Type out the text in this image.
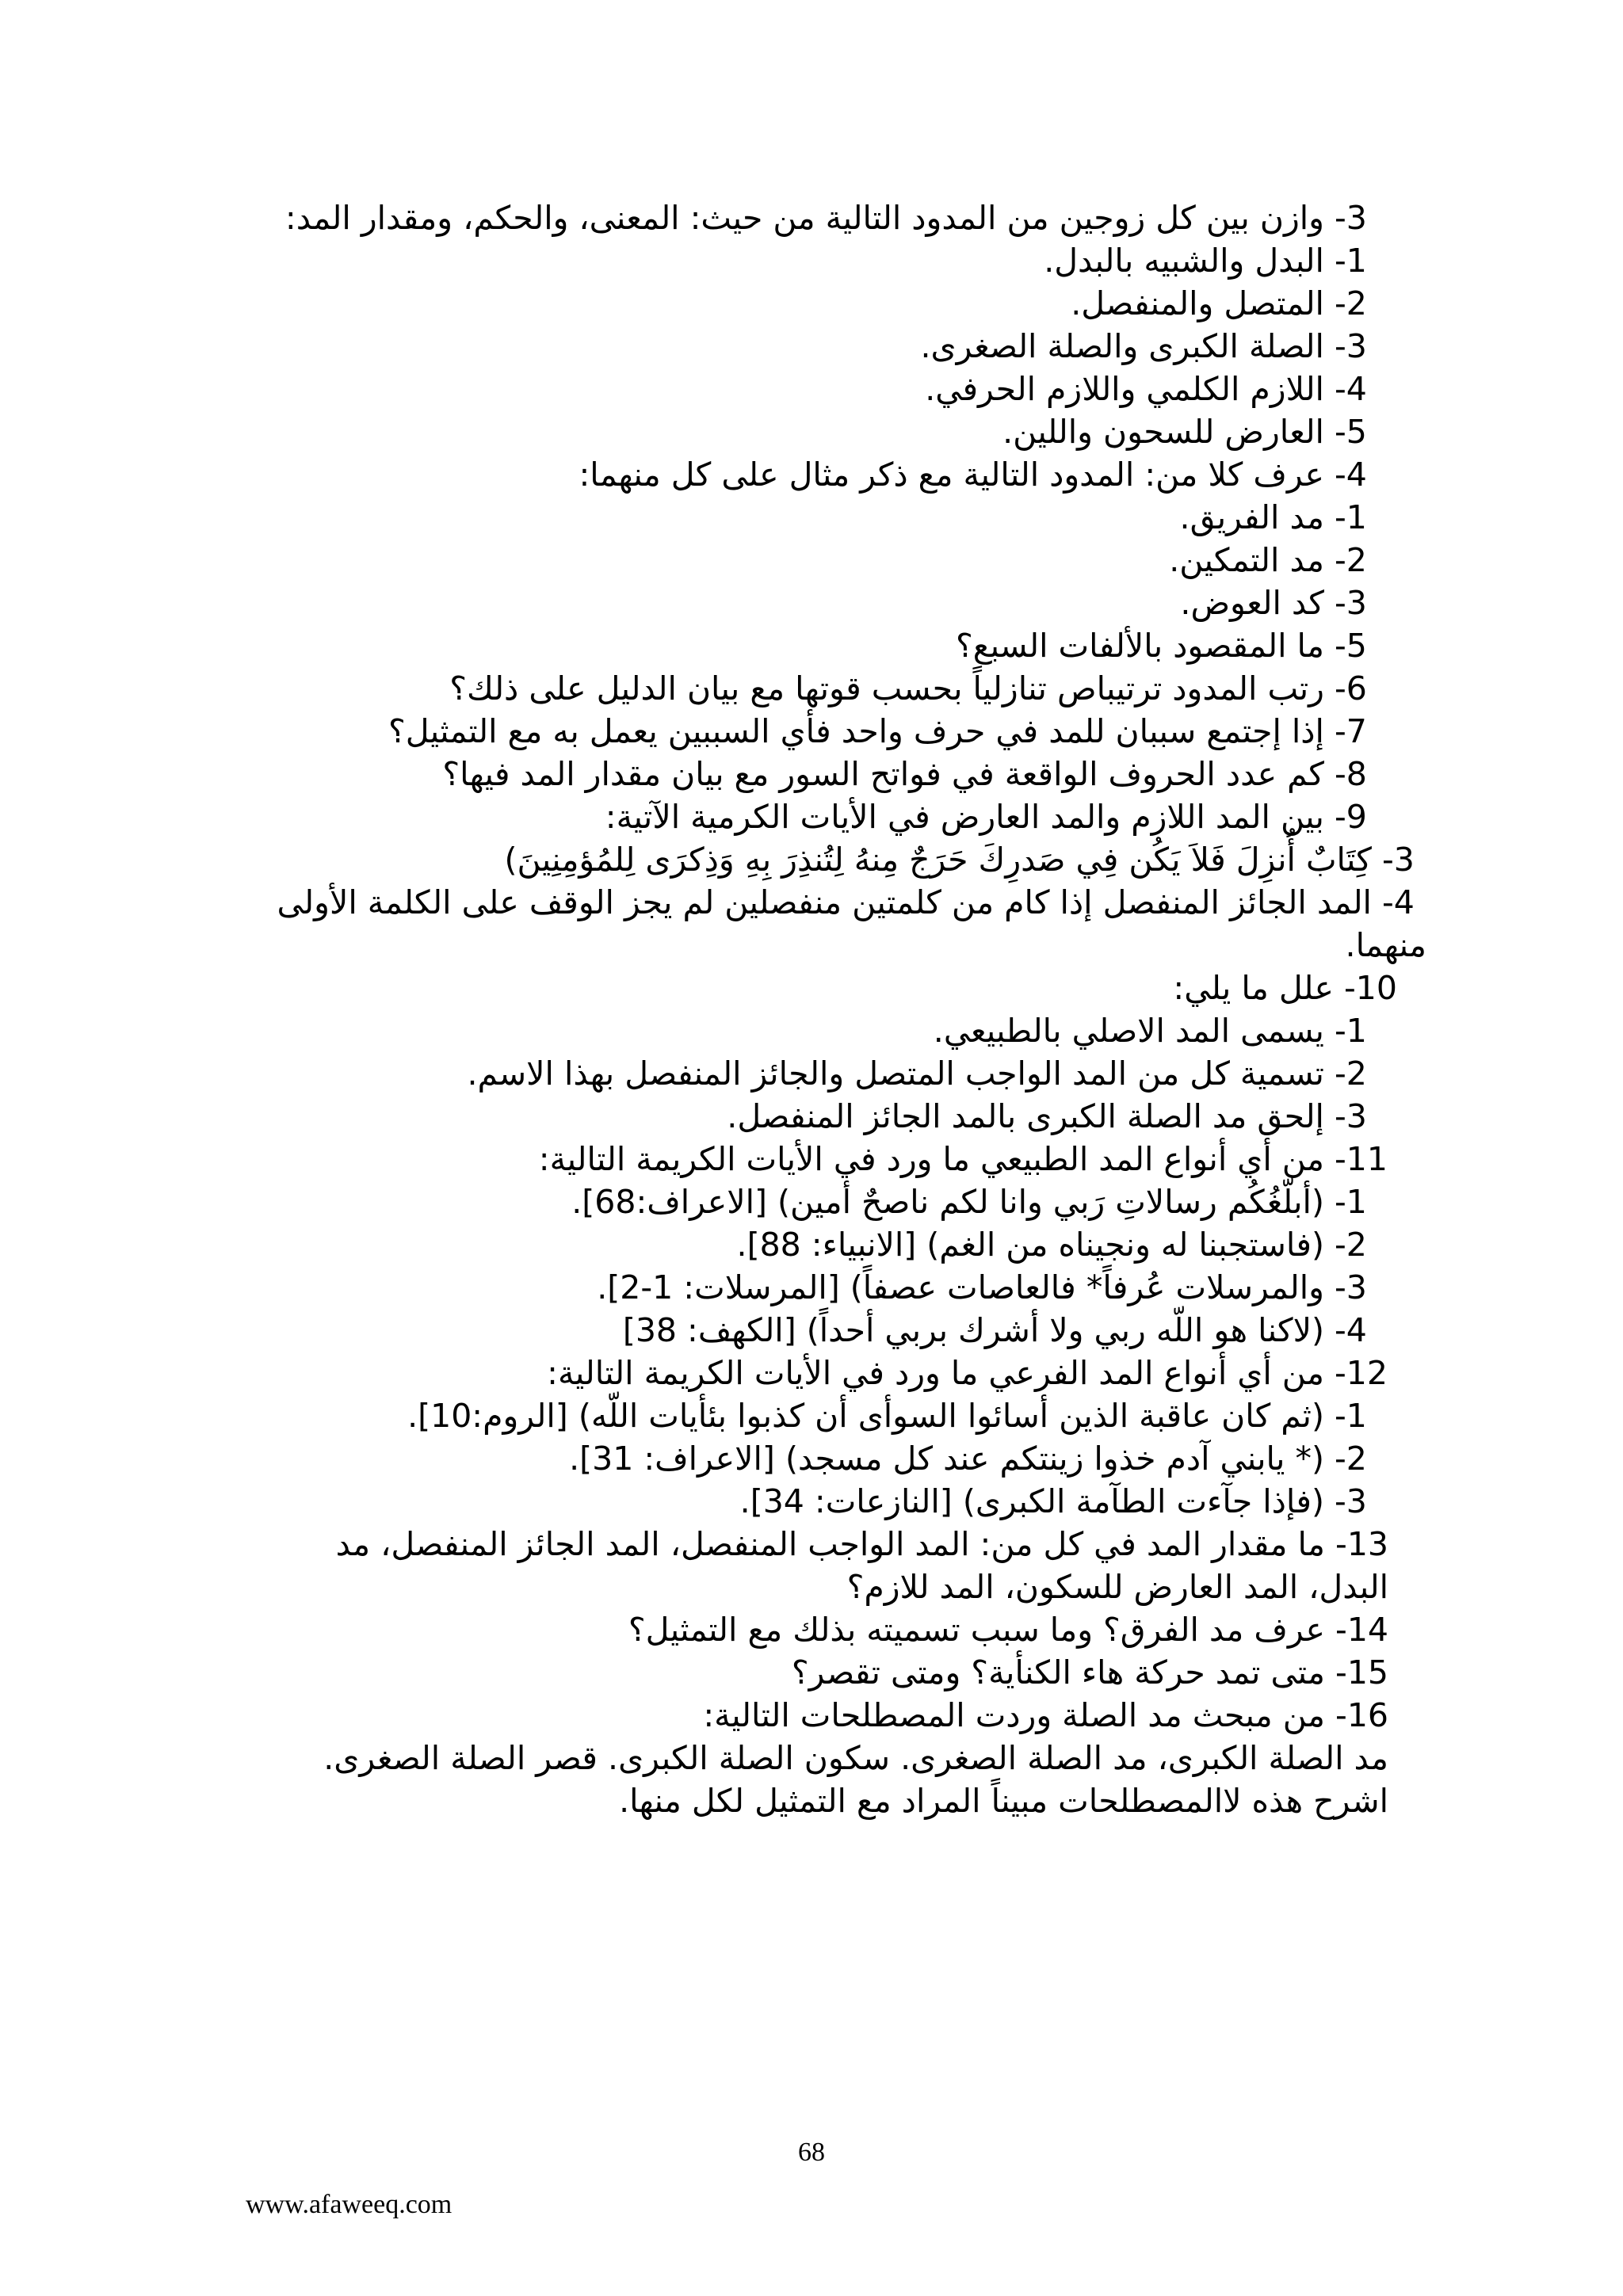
-3 وازن بين كل زوجين من المدود التالية من حيث: المعنى، والحكم، ومقدار المد:
-1 البدل والشبيه بالبدل.
-2 المتصل والمنفصل.
-3 الصلة الكبرى والصلة الصغرى.
-4 اللازم الكلمي واللازم الحرفي.
-5 العارض للسحون واللين.
-4 عرف كلا من: المدود التالية مع ذكر مثال على كل منهما:
-1 مد الفريق.
-2 مد التمكين.
-3 كد العوض.
-5 ما المقصود بالألفات السبع؟
-6 رتب المدود ترتيباص تنازلياً بحسب قوتها مع بيان الدليل على ذلك؟
-7 إذا إجتمع سببان للمد في حرف واحد فأي السببين يعمل به مع التمثيل؟
-8 كم عدد الحروف الواقعة في فواتح السور مع بيان مقدار المد فيها؟
-9 بين المد اللازم والمد العارض في الأيات الكرمية الآتية:
-3 كِتَابٌ أُنزِلَ فَلاَ يَكُن فِي صَدرِكَ حَرَجٌ مِنهُ لِتُنذِرَ بِهِ وَذِكرَى لِلمُؤمِنِينَ)
-4 المد الجائز المنفصل إذا كام من كلمتين منفصلين لم يجز الوقف على الكلمة الأولى منهما.
-10 علل ما يلي:
-1 يسمى المد الاصلي بالطبيعي.
-2 تسمية كل من المد الواجب المتصل والجائز المنفصل بهذا الاسم.
-3 إلحق مد الصلة الكبرى بالمد الجائز المنفصل.
-11 من أي أنواع المد الطبيعي ما ورد في الأيات الكريمة التالية:
-1 (أبلّغُكُم رسالاتِ رَبي وانا لكم ناصحٌ أمين) [الاعراف:68].
-2 (فاستجبنا له ونجيناه من الغم) [الانبياء: 88].
-3 والمرسلات عُرفاً* فالعاصات عصفاً) [المرسلات: 1-2].
-4 (لاكنا هو اللّه ربي ولا أشرك بربي أحداً) [الكهف: 38]
-12 من أي أنواع المد الفرعي ما ورد في الأيات الكريمة التالية:
-1 (ثم كان عاقبة الذين أسائوا السوأى أن كذبوا بئأيات اللّه) [الروم:10].
-2 (* يابني آدم خذوا زينتكم عند كل مسجد) [الاعراف: 31].
-3 (فإذا جآءت الطآمة الكبرى) [النازعات: 34].
-13 ما مقدار المد في كل من: المد الواجب المنفصل، المد الجائز المنفصل، مد البدل، المد العارض للسكون، المد للازم؟
-14 عرف مد الفرق؟ وما سبب تسميته بذلك مع التمثيل؟
-15 متى تمد حركة هاء الكنأية؟ ومتى تقصر؟
-16 من مبحث مد الصلة وردت المصطلحات التالية:
مد الصلة الكبرى، مد الصلة الصغرى. سكون الصلة الكبرى. قصر الصلة الصغرى.
اشرح هذه لاالمصطلحات مبيناً المراد مع التمثيل لكل منها.
68
www.afaweeq.com
